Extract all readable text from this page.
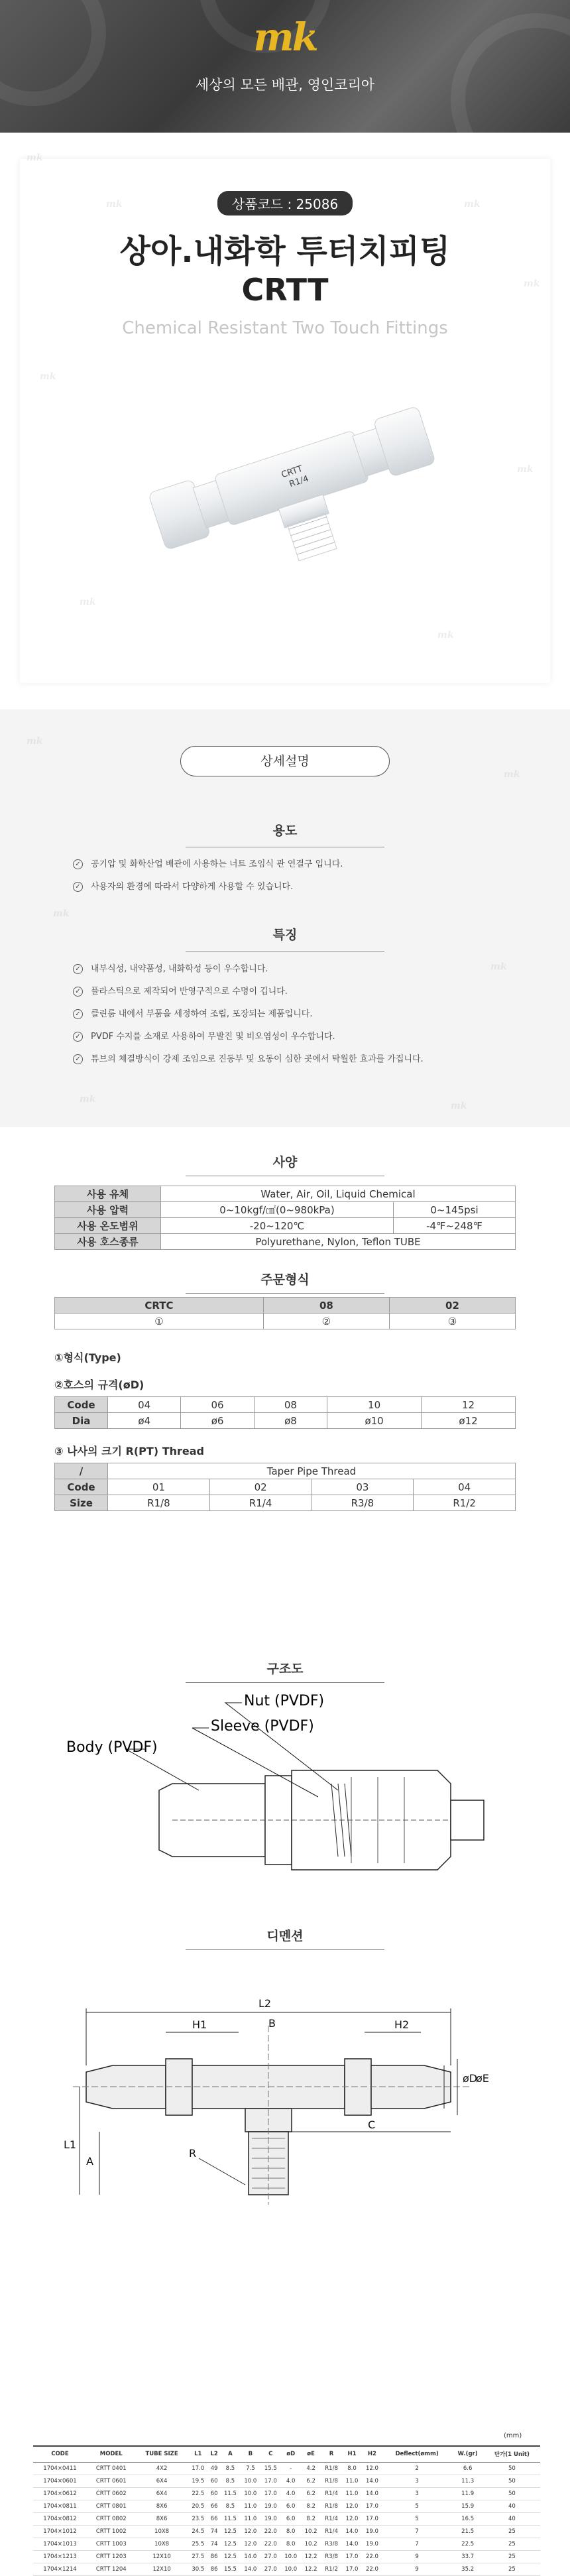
mk
세상의 모든 배관, 영인코리아
상품코드 : 25086
상아.내화학 투터치피팅
CRTT
Chemical Resistant Two Touch Fittings
CRTT
R1/4
mk
mk	mk
mk
mk
mk
mk
mk
상세설명
용도
✓ 공기압 및 화학산업 배관에 사용하는 너트 조임식 관 연결구 입니다.
✓ 사용자의 환경에 따라서 다양하게 사용할 수 있습니다.
특징
✓ 내부식성, 내약품성, 내화학성 등이 우수합니다.
✓ 플라스틱으로 제작되어 반영구적으로 수명이 깁니다.
✓ 클린룸 내에서 부품을 세정하여 조립, 포장되는 제품입니다.
✓ PVDF 수지를 소재로 사용하여 무발진 및 비오염성이 우수합니다.
✓ 튜브의 체결방식이 강제 조임으로 진동부 및 요동이 심한 곳에서 탁월한 효과를 가집니다.
mk
mk
mk
mk
mk
mk
사양
사용 유체	Water, Air, Oil, Liquid Chemical	
사용 압력	0~10kgf/㎠(0~980kPa)	0~145psi
사용 온도범위	-20~120℃	-4℉~248℉
사용 호스종류	Polyurethane, Nylon, Teflon TUBE	
주문형식
CRTC	08	02
①	②	③
①형식(Type)
②호스의 규격(øD)
Code	04	06	08	10	12
Dia	ø4	ø6	ø8	ø10	ø12
③ 나사의 크기 R(PT) Thread
/	Taper Pipe Thread			
Code	01	02	03	04
Size	R1/8	R1/4	R3/8	R1/2
구조도
Nut (PVDF)
Sleeve (PVDF)
Body (PVDF)
디멘션
L2
B
H1	H2
L1
A
R
C
øD
øE
(mm)
CODE	MODEL	TUBE SIZE	L1	L2	A	B	C	øD	øE	R	H1	H2	Deflect(ømm)	W.(gr)	단가(1 Unit)
1704×0411	CRTT 0401	4X2	17.0	49	8.5	7.5	15.5	-	4.2	R1/8	8.0	12.0	2	6.6	50
1704×0601	CRTT 0601	6X4	19.5	60	8.5	10.0	17.0	4.0	6.2	R1/8	11.0	14.0	3	11.3	50
1704×0612	CRTT 0602	6X4	22.5	60	11.5	10.0	17.0	4.0	6.2	R1/4	11.0	14.0	3	11.9	50
1704×0811	CRTT 0801	8X6	20.5	66	8.5	11.0	19.0	6.0	8.2	R1/8	12.0	17.0	5	15.9	40
1704×0812	CRTT 0802	8X6	23.5	66	11.5	11.0	19.0	6.0	8.2	R1/4	12.0	17.0	5	16.5	40
1704×1012	CRTT 1002	10X8	24.5	74	12.5	12.0	22.0	8.0	10.2	R1/4	14.0	19.0	7	21.5	25
1704×1013	CRTT 1003	10X8	25.5	74	12.5	12.0	22.0	8.0	10.2	R3/8	14.0	19.0	7	22.5	25
1704×1213	CRTT 1203	12X10	27.5	86	12.5	14.0	27.0	10.0	12.2	R3/8	17.0	22.0	9	33.7	25
1704×1214	CRTT 1204	12X10	30.5	86	15.5	14.0	27.0	10.0	12.2	R1/2	17.0	22.0	9	35.2	25
